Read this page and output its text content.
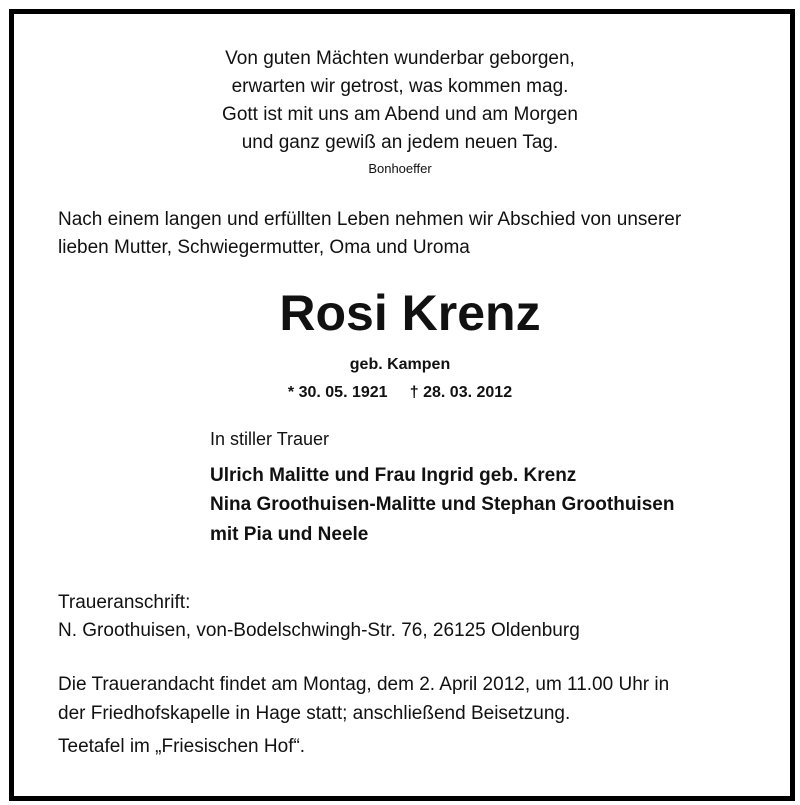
Von guten Mächten wunderbar geborgen,
erwarten wir getrost, was kommen mag.
Gott ist mit uns am Abend und am Morgen
und ganz gewiß an jedem neuen Tag.
Bonhoeffer
Nach einem langen und erfüllten Leben nehmen wir Abschied von unserer
lieben Mutter, Schwiegermutter, Oma und Uroma
Rosi Krenz
geb. Kampen
* 30. 05. 1921     † 28. 03. 2012
In stiller Trauer
Ulrich Malitte und Frau Ingrid geb. Krenz
Nina Groothuisen-Malitte und Stephan Groothuisen
mit Pia und Neele
Traueranschrift:
N. Groothuisen, von-Bodelschwingh-Str. 76, 26125 Oldenburg
Die Trauerandacht findet am Montag, dem 2. April 2012, um 11.00 Uhr in
der Friedhofskapelle in Hage statt; anschließend Beisetzung.
Teetafel im „Friesischen Hof“.
